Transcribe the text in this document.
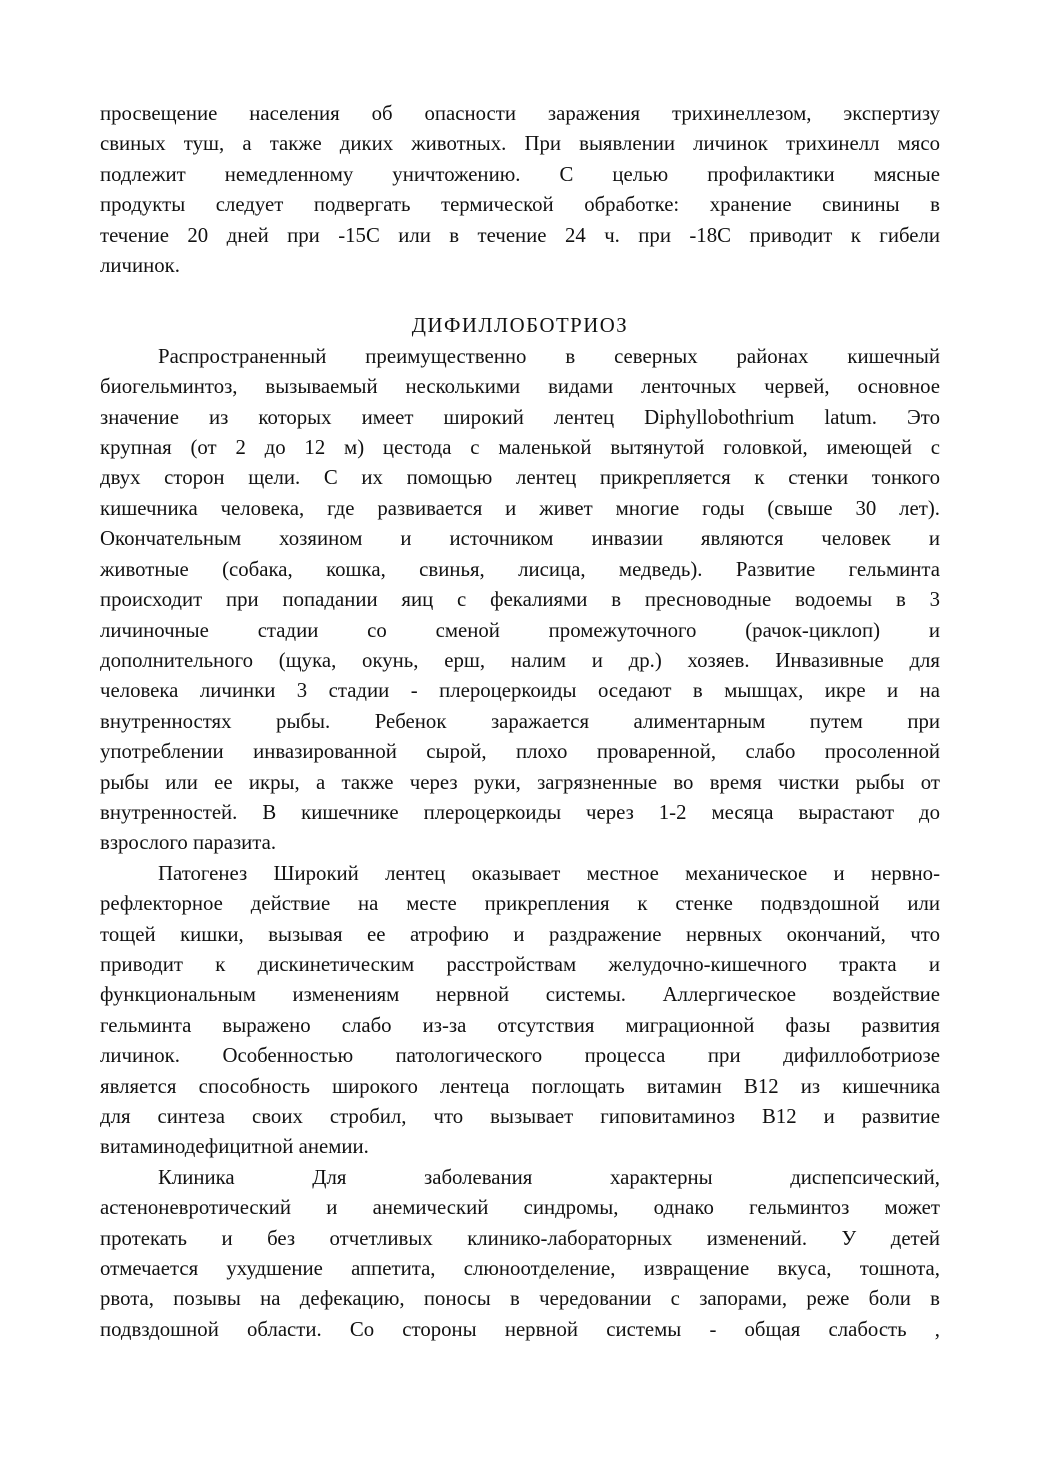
просвещение населения об опасности заражения трихинеллезом, экспертизу
свиных туш, а также диких животных. При выявлении личинок трихинелл мясо
подлежит немедленному уничтожению. С целью профилактики мясные
продукты следует подвергать термической обработке: хранение свинины в
течение 20 дней при -15С или в течение 24 ч. при -18С приводит к гибели
личинок.
ДИФИЛЛОБОТРИОЗ
Распространенный преимущественно в северных районах кишечный
биогельминтоз, вызываемый несколькими видами ленточных червей, основное
значение из которых имеет широкий лентец Diphyllobothrium latum. Это
крупная (от 2 до 12 м) цестода с маленькой вытянутой головкой, имеющей с
двух сторон щели. С их помощью лентец прикрепляется к стенки тонкого
кишечника человека, где развивается и живет многие годы (свыше 30 лет).
Окончательным хозяином и источником инвазии являются человек и
животные (собака, кошка, свинья, лисица, медведь). Развитие гельминта
происходит при попадании яиц с фекалиями в пресноводные водоемы в 3
личиночные стадии со сменой промежуточного (рачок-циклоп) и
дополнительного (щука, окунь, ерш, налим и др.) хозяев. Инвазивные для
человека личинки 3 стадии - плероцеркоиды оседают в мышцах, икре и на
внутренностях рыбы. Ребенок заражается алиментарным путем при
употреблении инвазированной сырой, плохо проваренной, слабо просоленной
рыбы или ее икры, а также через руки, загрязненные во время чистки рыбы от
внутренностей. В кишечнике плероцеркоиды через 1-2 месяца вырастают до
взрослого паразита.
Патогенез Широкий лентец оказывает местное механическое и нервно-
рефлекторное действие на месте прикрепления к стенке подвздошной или
тощей кишки, вызывая ее атрофию и раздражение нервных окончаний, что
приводит к дискинетическим расстройствам желудочно-кишечного тракта и
функциональным изменениям нервной системы. Аллергическое воздействие
гельминта выражено слабо из-за отсутствия миграционной фазы развития
личинок. Особенностью патологического процесса при дифиллоботриозе
является способность широкого лентеца поглощать витамин В12 из кишечника
для синтеза своих стробил, что вызывает гиповитаминоз В12 и развитие
витаминодефицитной анемии.
Клиника Для заболевания характерны диспепсический,
астеноневротический и анемический синдромы, однако гельминтоз может
протекать и без отчетливых клинико-лабораторных изменений. У детей
отмечается ухудшение аппетита, слюноотделение, извращение вкуса, тошнота,
рвота, позывы на дефекацию, поносы в чередовании с запорами, реже боли в
подвздошной области. Со стороны нервной системы - общая слабость ,
